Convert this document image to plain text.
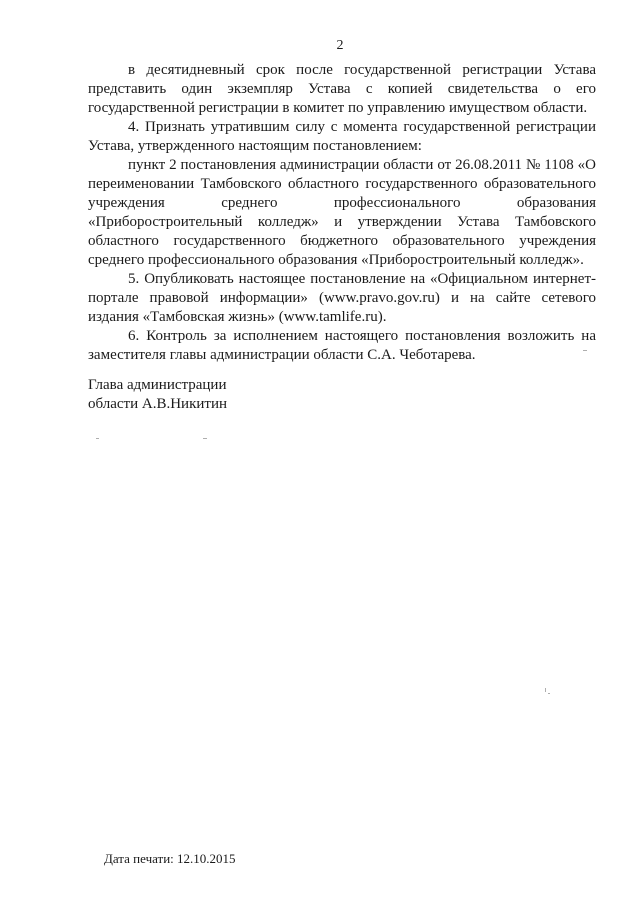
2

в десятидневный срок после государственной регистрации Устава представить один экземпляр Устава с копией свидетельства о его государственной регистрации в комитет по управлению имуществом области.

4. Признать утратившим силу с момента государственной регистрации Устава, утвержденного настоящим постановлением:

пункт 2 постановления администрации области от 26.08.2011 № 1108 «О переименовании Тамбовского областного государственного образовательного учреждения среднего профессионального образования «Приборостроительный колледж» и утверждении Устава Тамбовского областного государственного бюджетного образовательного учреждения среднего профессионального образования «Приборостроительный колледж».

5. Опубликовать настоящее постановление на «Официальном интернет-портале правовой информации» (www.pravo.gov.ru) и на сайте сетевого издания «Тамбовская жизнь» (www.tamlife.ru).

6. Контроль за исполнением настоящего постановления возложить на заместителя главы администрации области С.А. Чеботарева.

Глава администрации
области А.В.Никитин
Дата печати: 12.10.2015
